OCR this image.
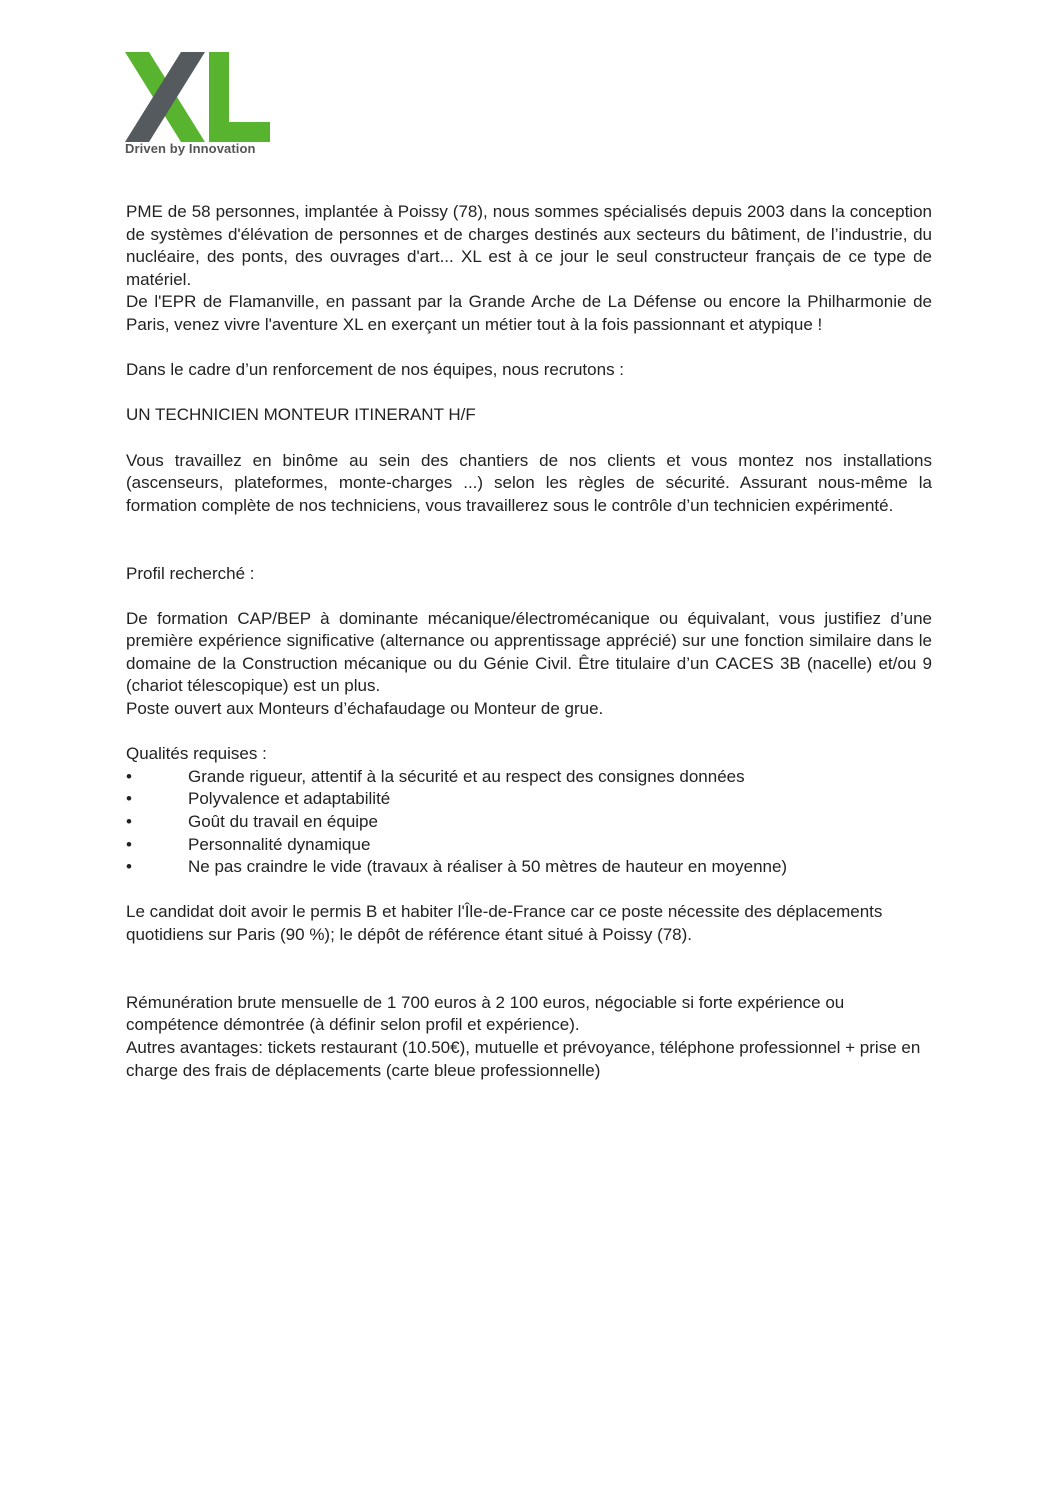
Driven by Innovation

PME de 58 personnes, implantée à Poissy (78), nous sommes spécialisés depuis 2003 dans la conception de systèmes d'élévation de personnes et de charges destinés aux secteurs du bâtiment, de l’industrie, du nucléaire, des ponts, des ouvrages d'art... XL est à ce jour le seul constructeur français de ce type de matériel.

De l'EPR de Flamanville, en passant par la Grande Arche de La Défense ou encore la Philharmonie de Paris, venez vivre l'aventure XL en exerçant un métier tout à la fois passionnant et atypique !

Dans le cadre d’un renforcement de nos équipes, nous recrutons :

UN TECHNICIEN MONTEUR ITINERANT H/F

Vous travaillez en binôme au sein des chantiers de nos clients et vous montez nos installations (ascenseurs, plateformes, monte-charges ...) selon les règles de sécurité. Assurant nous-même la formation complète de nos techniciens, vous travaillerez sous le contrôle d’un technicien expérimenté.

Profil recherché :

De formation CAP/BEP à dominante mécanique/électromécanique ou équivalant, vous justifiez d’une première expérience significative (alternance ou apprentissage apprécié) sur une fonction similaire dans le domaine de la Construction mécanique ou du Génie Civil. Être titulaire d’un CACES 3B (nacelle) et/ou 9 (chariot télescopique) est un plus.

Poste ouvert aux Monteurs d’échafaudage ou Monteur de grue.

Qualités requises :

•	Grande rigueur, attentif à la sécurité et au respect des consignes données
•	Polyvalence et adaptabilité
•	Goût du travail en équipe
•	Personnalité dynamique
•	Ne pas craindre le vide (travaux à réaliser à 50 mètres de hauteur en moyenne)

Le candidat doit avoir le permis B et habiter l'Île-de-France car ce poste nécessite des déplacements quotidiens sur Paris (90 %); le dépôt de référence étant situé à Poissy (78).

Rémunération brute mensuelle de 1 700 euros à 2 100 euros, négociable si forte expérience ou compétence démontrée (à définir selon profil et expérience).

Autres avantages: tickets restaurant (10.50€), mutuelle et prévoyance, téléphone professionnel + prise en charge des frais de déplacements (carte bleue professionnelle)
